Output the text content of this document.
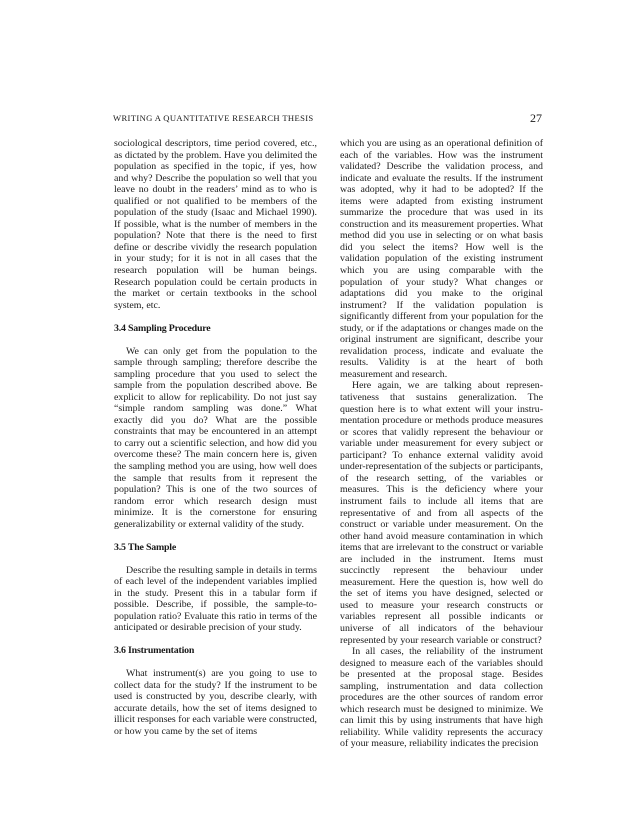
WRITING A QUANTITATIVE RESEARCH THESIS	27

sociological descriptors, time period covered, etc., as dictated by the problem. Have you delimited the population as specified in the topic, if yes, how and why? Describe the population so well that you leave no doubt in the readers’ mind as to who is qualified or not qualified to be members of the population of the study (Isaac and Michael 1990). If possible, what is the number of members in the population? Note that there is the need to first define or describe vividly the research population in your study; for it is not in all cases that the research population will be human beings. Research population could be certain products in the market or certain textbooks in the school system, etc.

3.4 Sampling Procedure

We can only get from the population to the sample through sampling; therefore describe the sampling procedure that you used to select the sample from the population described above. Be explicit to allow for replicability. Do not just say “simple random sampling was done.” What exactly did you do? What are the possible constraints that may be encountered in an attempt to carry out a scientific selection, and how did you overcome these? The main concern here is, given the sampling method you are using, how well does the sample that results from it represent the population? This is one of the two sources of random error which research design must minimize. It is the cornerstone for ensuring generalizability or external validity of the study.

3.5 The Sample

Describe the resulting sample in details in terms of each level of the independent variables implied in the study. Present this in a tabular form if possible. Describe, if possible, the sample-to-population ratio? Evaluate this ratio in terms of the anticipated or desirable precision of your study.

3.6 Instrumentation

What instrument(s) are you going to use to collect data for the study? If the instrument to be used is constructed by you, describe clearly, with accurate details, how the set of items designed to illicit responses for each variable were constructed, or how you came by the set of items

which you are using as an operational definition of each of the variables. How was the instrument validated? Describe the validation process, and indicate and evaluate the results. If the instrument was adopted, why it had to be adopted? If the items were adapted from existing instrument summarize the procedure that was used in its construction and its measurement properties. What method did you use in selecting or on what basis did you select the items? How well is the validation population of the existing instrument which you are using comparable with the population of your study? What changes or adaptations did you make to the original instrument? If the validation population is significantly different from your population for the study, or if the adaptations or changes made on the original instrument are significant, describe your revalidation process, indicate and evaluate the results. Validity is at the heart of both measurement and research.

Here again, we are talking about represen-tativeness that sustains generalization. The question here is to what extent will your instru-mentation procedure or methods produce measures or scores that validly represent the behaviour or variable under measurement for every subject or participant? To enhance external validity avoid under-representation of the subjects or participants, of the research setting, of the variables or measures. This is the deficiency where your instrument fails to include all items that are representative of and from all aspects of the construct or variable under measurement. On the other hand avoid measure contamination in which items that are irrelevant to the construct or variable are included in the instrument. Items must succinctly represent the behaviour under measurement. Here the question is, how well do the set of items you have designed, selected or used to measure your research constructs or variables represent all possible indicants or universe of all indicators of the behaviour represented by your research variable or construct?

In all cases, the reliability of the instrument designed to measure each of the variables should be presented at the proposal stage. Besides sampling, instrumentation and data collection procedures are the other sources of random error which research must be designed to minimize. We can limit this by using instruments that have high reliability. While validity represents the accuracy of your measure, reliability indicates the precision
